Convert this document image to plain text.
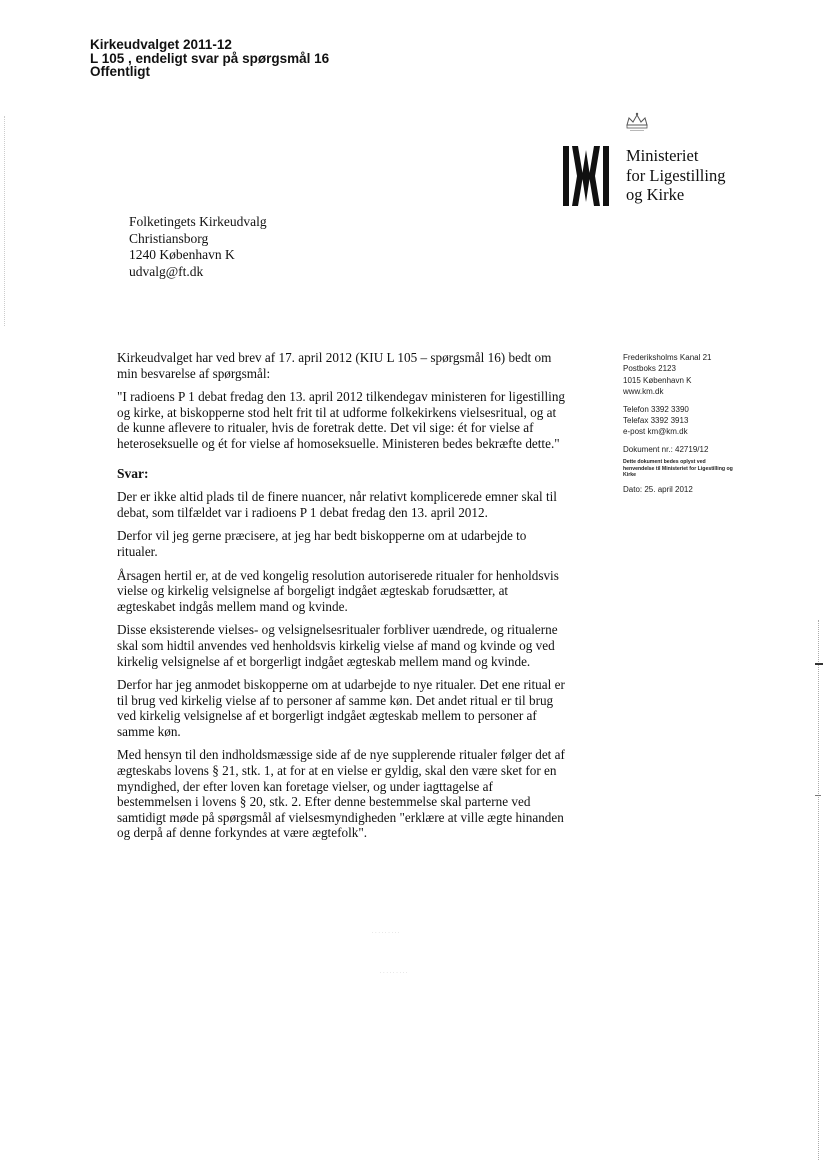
Kirkeudvalget 2011-12
L 105 , endeligt svar på spørgsmål 16
Offentligt
Ministeriet
for Ligestilling
og Kirke
Folketingets Kirkeudvalg
Christiansborg
1240 København K
udvalg@ft.dk
Frederiksholms Kanal 21
Postboks 2123
1015 København K
www.km.dk
Telefon 3392 3390
Telefax 3392 3913
e-post km@km.dk
Dokument nr.: 42719/12
Dette dokument bedes oplyst ved henvendelse til Ministeriet for Ligestilling og Kirke
Dato: 25. april 2012

Kirkeudvalget har ved brev af 17. april 2012 (KIU L 105 – spørgsmål 16) bedt om min besvarelse af spørgsmål:

"I radioens P 1 debat fredag den 13. april 2012 tilkendegav ministeren for ligestilling og kirke, at biskopperne stod helt frit til at udforme folkekirkens vielsesritual, og at de kunne aflevere to ritualer, hvis de foretrak dette. Det vil sige: ét for vielse af heteroseksuelle og ét for vielse af homoseksuelle. Ministeren bedes bekræfte dette."

Svar:

Der er ikke altid plads til de finere nuancer, når relativt komplicerede emner skal til debat, som tilfældet var i radioens P 1 debat fredag den 13. april 2012.

Derfor vil jeg gerne præcisere, at jeg har bedt biskopperne om at udarbejde to ritualer.

Årsagen hertil er, at de ved kongelig resolution autoriserede ritualer for henholdsvis vielse og kirkelig velsignelse af borgeligt indgået ægteskab forudsætter, at ægteskabet indgås mellem mand og kvinde.

Disse eksisterende vielses- og velsignelsesritualer forbliver uændrede, og ritualerne skal som hidtil anvendes ved henholdsvis kirkelig vielse af mand og kvinde og ved kirkelig velsignelse af et borgerligt indgået ægteskab mellem mand og kvinde.

Derfor har jeg anmodet biskopperne om at udarbejde to nye ritualer. Det ene ritual er til brug ved kirkelig vielse af to personer af samme køn. Det andet ritual er til brug ved kirkelig velsignelse af et borgerligt indgået ægteskab mellem to personer af samme køn.

Med hensyn til den indholdsmæssige side af de nye supplerende ritualer følger det af ægteskabs lovens § 21, stk. 1, at for at en vielse er gyldig, skal den være sket for en myndighed, der efter loven kan foretage vielser, og under iagttagelse af bestemmelsen i lovens § 20, stk. 2. Efter denne bestemmelse skal parterne ved samtidigt møde på spørgsmål af vielsesmyndigheden "erklære at ville ægte hinanden og derpå af denne forkyndes at være ægtefolk".

·········
·········
